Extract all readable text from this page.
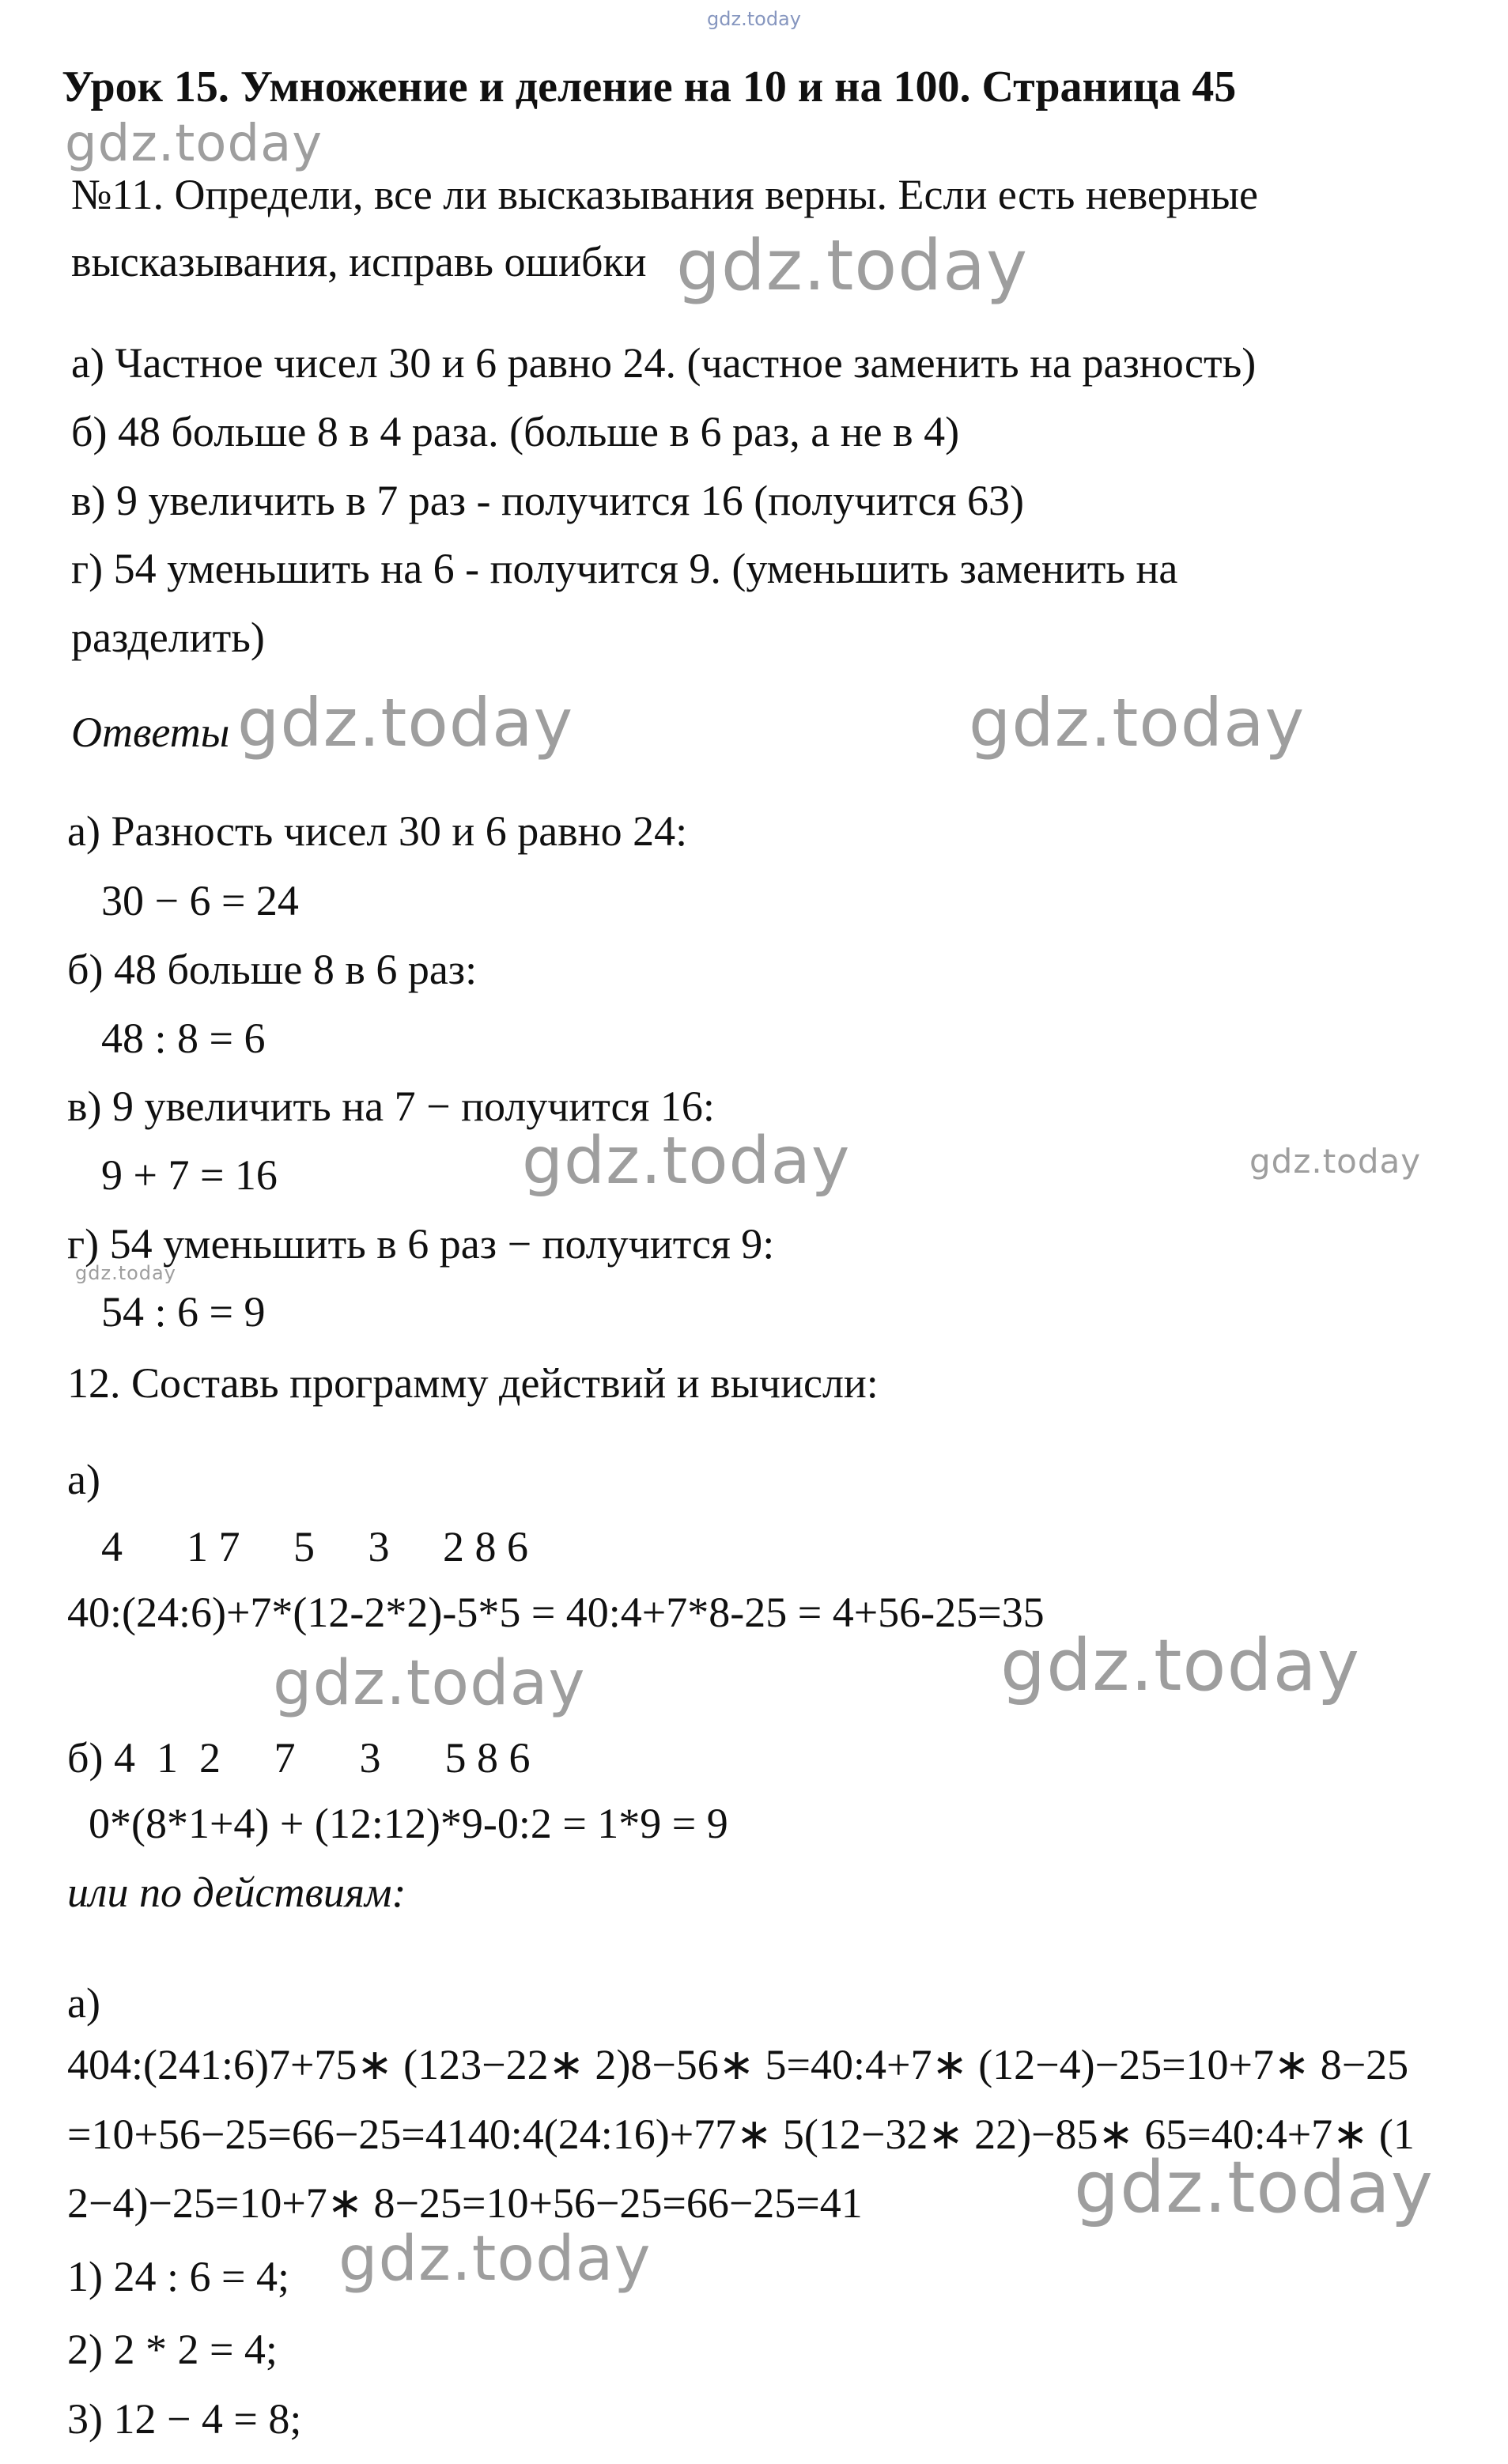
gdz.today
Урок 15. Умножение и деление на 10 и на 100. Страница 45
gdz.today
№11. Определи, все ли высказывания верны. Если есть неверные
высказывания, исправь ошибки gdz.today
а) Частное чисел 30 и 6 равно 24. (частное заменить на разность)
б) 48 больше 8 в 4 раза. (больше в 6 раз, а не в 4)
в) 9 увеличить в 7 раз - получится 16 (получится 63)
г) 54 уменьшить на 6 - получится 9. (уменьшить заменить на
разделить)
Ответы gdz.today	gdz.today
а) Разность чисел 30 и 6 равно 24:
30 − 6 = 24
б) 48 больше 8 в 6 раз:
48 : 8 = 6
в) 9 увеличить на 7 − получится 16:
9 + 7 = 16	gdz.today	gdz.today
г) 54 уменьшить в 6 раз − получится 9:
gdz.today
54 : 6 = 9
12. Составь программу действий и вычисли:
а)
4      1 7     5     3     2 8 6
40:(24:6)+7*(12-2*2)-5*5 = 40:4+7*8-25 = 4+56-25=35
gdz.today	gdz.today
б) 4  1  2     7      3      5 8 6
0*(8*1+4) + (12:12)*9-0:2 = 1*9 = 9
или по действиям:
а)
404:(241:6)7+75∗ (123−22∗ 2)8−56∗ 5=40:4+7∗ (12−4)−25=10+7∗ 8−25
=10+56−25=66−25=4140:4(24:16)+77∗ 5(12−32∗ 22)−85∗ 65=40:4+7∗ (1
2−4)−25=10+7∗ 8−25=10+56−25=66−25=41	gdz.today
1) 24 : 6 = 4; gdz.today
2) 2 * 2 = 4;
3) 12 − 4 = 8;
